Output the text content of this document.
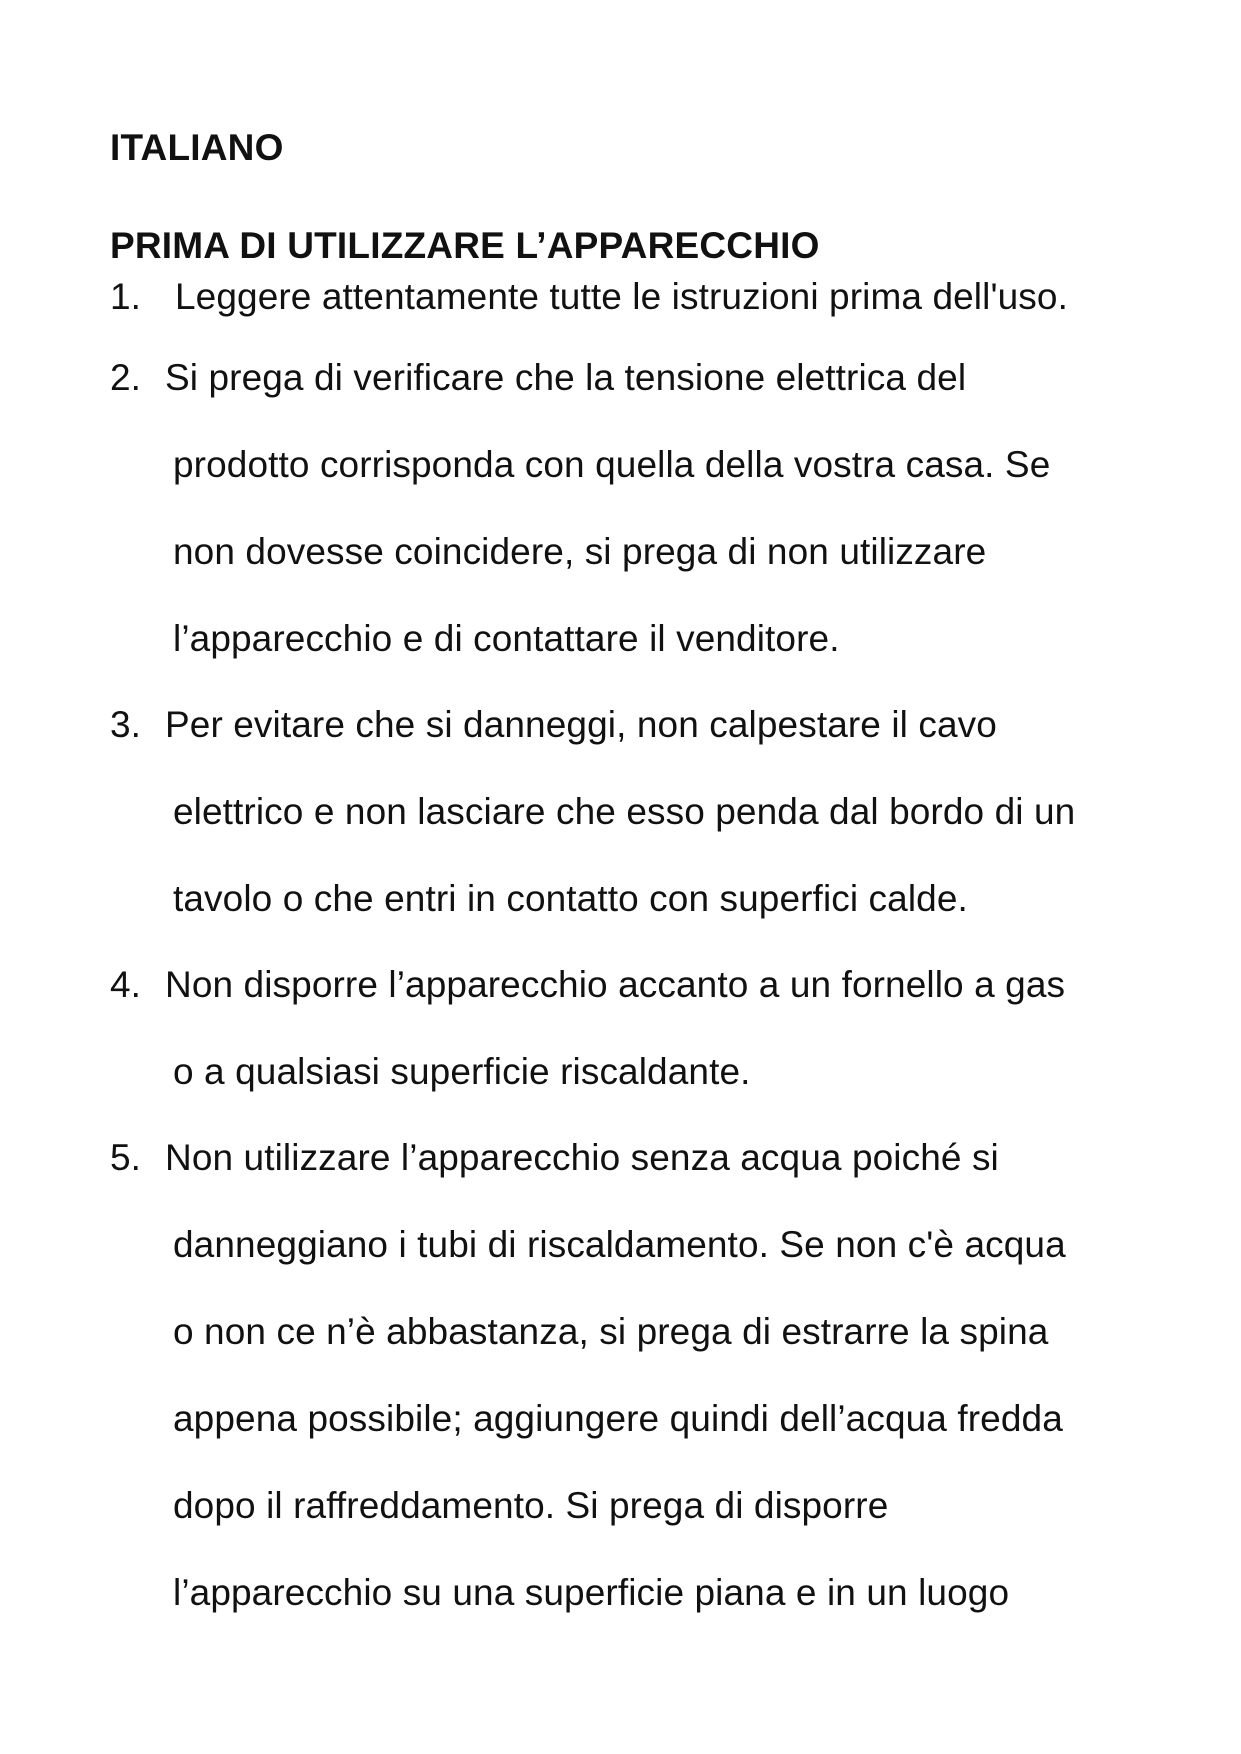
ITALIANO
PRIMA DI UTILIZZARE L’APPARECCHIO
1. Leggere attentamente tutte le istruzioni prima dell'uso.
2. Si prega di verificare che la tensione elettrica del
prodotto corrisponda con quella della vostra casa. Se
non dovesse coincidere, si prega di non utilizzare
l’apparecchio e di contattare il venditore.
3. Per evitare che si danneggi, non calpestare il cavo
elettrico e non lasciare che esso penda dal bordo di un
tavolo o che entri in contatto con superfici calde.
4. Non disporre l’apparecchio accanto a un fornello a gas
o a qualsiasi superficie riscaldante.
5. Non utilizzare l’apparecchio senza acqua poiché si
danneggiano i tubi di riscaldamento. Se non c'è acqua
o non ce n’è abbastanza, si prega di estrarre la spina
appena possibile; aggiungere quindi dell’acqua fredda
dopo il raffreddamento. Si prega di disporre
l’apparecchio su una superficie piana e in un luogo
